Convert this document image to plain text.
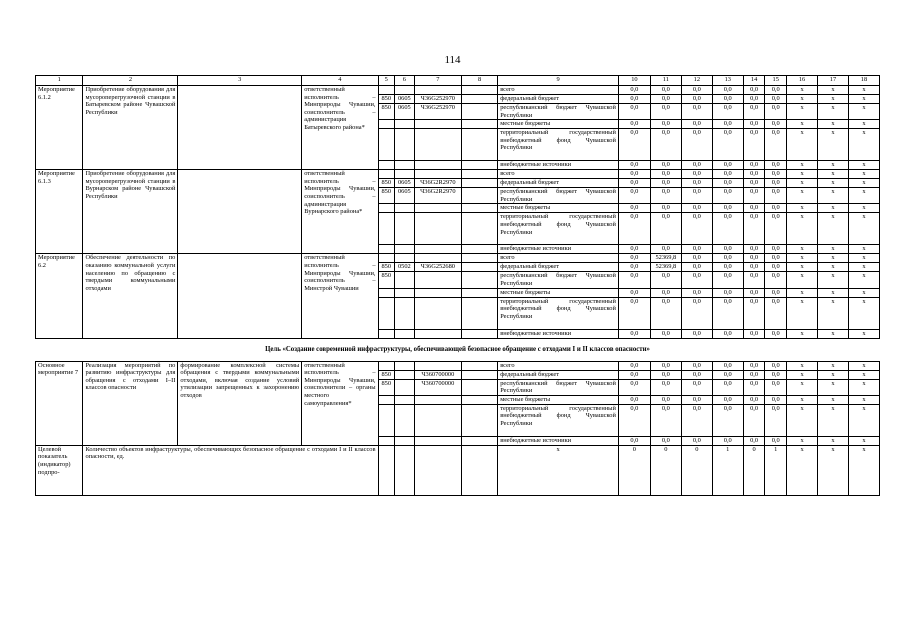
114
1	2	3	4	5	6	7	8	9	10	11	12	13	14	15	16	17	18
Мероприятие 6.1.2	Приобретение оборудования для мусороперегрузочной станции в Батыревском районе Чувашской Республики		ответственный исполнитель – Минприроды Чувашии, соисполнитель – администрация Батыревского района*					всего	0,0	0,0	0,0	0,0	0,0	0,0	x	x	x
				850	0605	Ч36G252970		федеральный бюджет	0,0	0,0	0,0	0,0	0,0	0,0	x	x	x
				850	0605	Ч36G252970		республиканский бюджет Чувашской Республики	0,0	0,0	0,0	0,0	0,0	0,0	x	x	x
								местные бюджеты	0,0	0,0	0,0	0,0	0,0	0,0	x	x	x
								территориальный государственный внебюджетный фонд Чувашской Республики	0,0	0,0	0,0	0,0	0,0	0,0	x	x	x
								внебюджетные источники	0,0	0,0	0,0	0,0	0,0	0,0	x	x	x
Мероприятие 6.1.3	Приобретение оборудования для мусороперегрузочной станции в Вурнарском районе Чувашской Республики		ответственный исполнитель – Минприроды Чувашии, соисполнитель – администрация Вурнарского района*					всего	0,0	0,0	0,0	0,0	0,0	0,0	x	x	x
				850	0605	Ч36G2R2970		федеральный бюджет	0,0	0,0	0,0	0,0	0,0	0,0	x	x	x
				850	0605	Ч36G2R2970		республиканский бюджет Чувашской Республики	0,0	0,0	0,0	0,0	0,0	0,0	x	x	x
								местные бюджеты	0,0	0,0	0,0	0,0	0,0	0,0	x	x	x
								территориальный государственный внебюджетный фонд Чувашской Республики	0,0	0,0	0,0	0,0	0,0	0,0	x	x	x
								внебюджетные источники	0,0	0,0	0,0	0,0	0,0	0,0	x	x	x
Мероприятие 6.2	Обеспечение деятельности по оказанию коммунальной услуги населению по обращению с твердыми коммунальными отходами		ответственный исполнитель – Минприроды Чувашии, соисполнитель – Минстрой Чувашии					всего	0,0	52369,8	0,0	0,0	0,0	0,0	x	x	x
				850	0502	Ч36G252680		федеральный бюджет	0,0	52369,8	0,0	0,0	0,0	0,0	x	x	x
				850				республиканский бюджет Чувашской Республики	0,0	0,0	0,0	0,0	0,0	0,0	x	x	x
								местные бюджеты	0,0	0,0	0,0	0,0	0,0	0,0	x	x	x
								территориальный государственный внебюджетный фонд Чувашской Республики	0,0	0,0	0,0	0,0	0,0	0,0	x	x	x
								внебюджетные источники	0,0	0,0	0,0	0,0	0,0	0,0	x	x	x
Цель «Создание современной инфраструктуры, обеспечивающей безопасное обращение с отходами I и II классов опасности»																	
Основное мероприятие 7	Реализация мероприятий по развитию инфраструктуры для обращения с отходами I–II классов опасности	формирование комплексной системы обращения с твердыми коммунальными отходами, включая создание условий утилизации запрещенных к захоронению отходов	ответственный исполнитель – Минприроды Чувашии, соисполнители – органы местного самоуправления*					всего	0,0	0,0	0,0	0,0	0,0	0,0	x	x	x
				850		Ч360700000		федеральный бюджет	0,0	0,0	0,0	0,0	0,0	0,0	x	x	x
				850		Ч360700000		республиканский бюджет Чувашской Республики	0,0	0,0	0,0	0,0	0,0	0,0	x	x	x
								местные бюджеты	0,0	0,0	0,0	0,0	0,0	0,0	x	x	x
								территориальный государственный внебюджетный фонд Чувашской Республики	0,0	0,0	0,0	0,0	0,0	0,0	x	x	x
								внебюджетные источники	0,0	0,0	0,0	0,0	0,0	0,0	x	x	x
Целевой показатель (индикатор) подпро-	Количество объектов инфраструктуры, обеспечивающих безопасное обращение с отходами I и II классов опасности, ед.							x	0	0	0	1	0	1	x	x	x
